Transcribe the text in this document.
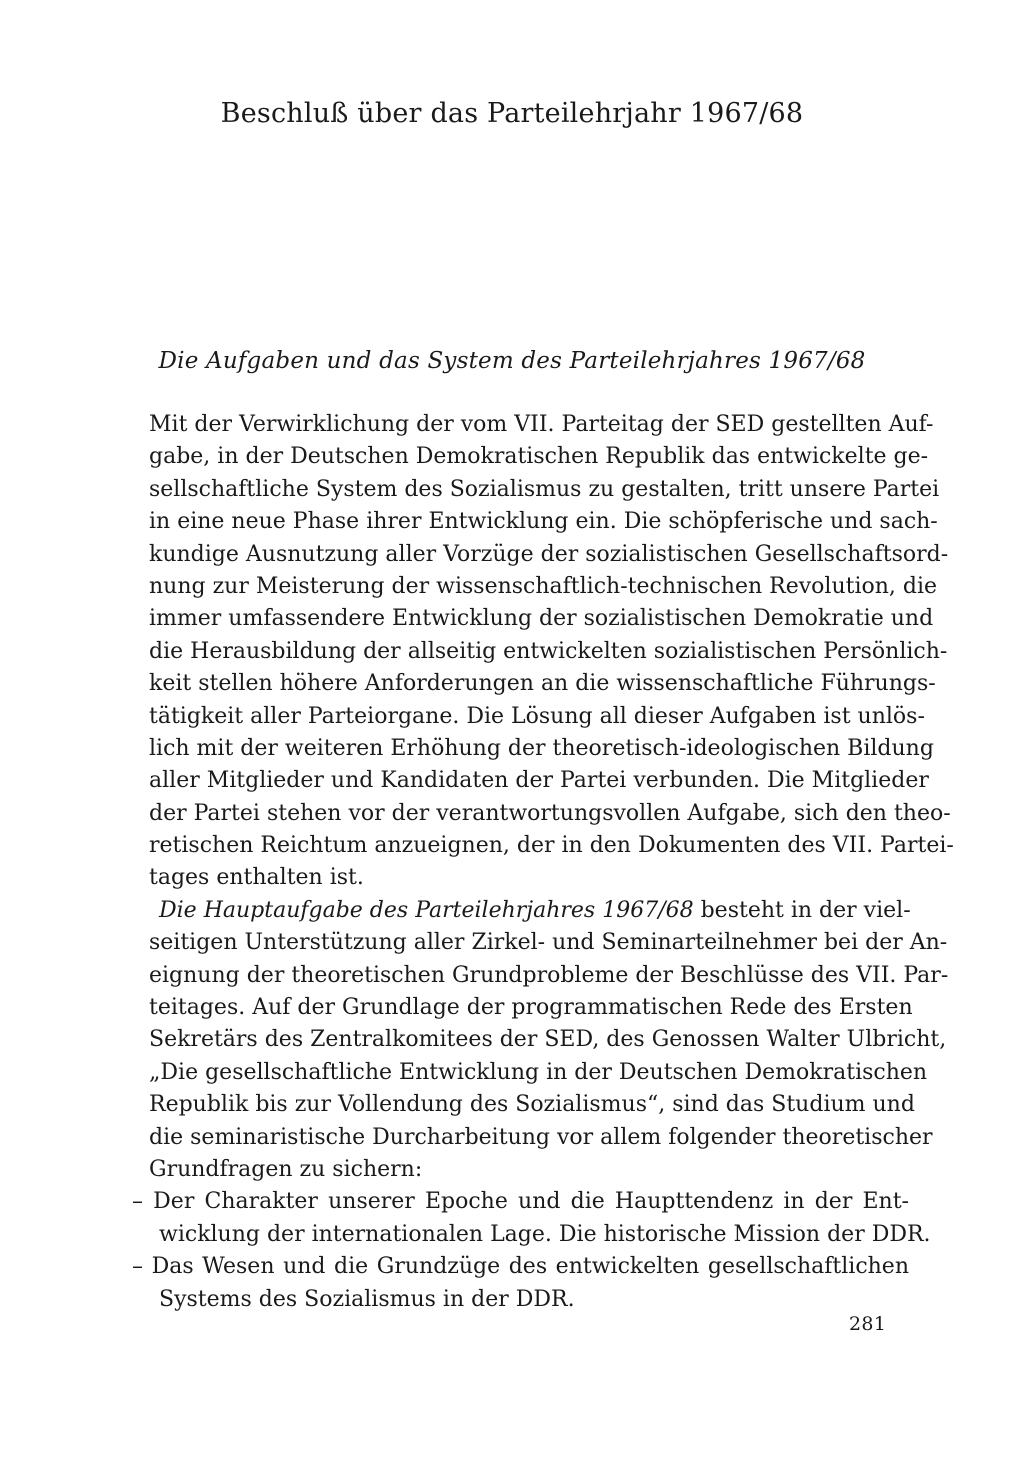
Beschluß über das Parteilehrjahr 1967/68
Die Aufgaben und das System des Parteilehrjahres 1967/68
Mit der Verwirklichung der vom VII. Parteitag der SED gestellten Auf-
gabe, in der Deutschen Demokratischen Republik das entwickelte ge-
sellschaftliche System des Sozialismus zu gestalten, tritt unsere Partei
in eine neue Phase ihrer Entwicklung ein. Die schöpferische und sach-
kundige Ausnutzung aller Vorzüge der sozialistischen Gesellschaftsord-
nung zur Meisterung der wissenschaftlich-technischen Revolution, die
immer umfassendere Entwicklung der sozialistischen Demokratie und
die Herausbildung der allseitig entwickelten sozialistischen Persönlich-
keit stellen höhere Anforderungen an die wissenschaftliche Führungs-
tätigkeit aller Parteiorgane. Die Lösung all dieser Aufgaben ist unlös-
lich mit der weiteren Erhöhung der theoretisch-ideologischen Bildung
aller Mitglieder und Kandidaten der Partei verbunden. Die Mitglieder
der Partei stehen vor der verantwortungsvollen Aufgabe, sich den theo-
retischen Reichtum anzueignen, der in den Dokumenten des VII. Partei-
tages enthalten ist.
Die Hauptaufgabe des Parteilehrjahres 1967/68 besteht in der viel-
seitigen Unterstützung aller Zirkel- und Seminarteilnehmer bei der An-
eignung der theoretischen Grundprobleme der Beschlüsse des VII. Par-
teitages. Auf der Grundlage der programmatischen Rede des Ersten
Sekretärs des Zentralkomitees der SED, des Genossen Walter Ulbricht,
„Die gesellschaftliche Entwicklung in der Deutschen Demokratischen
Republik bis zur Vollendung des Sozialismus“, sind das Studium und
die seminaristische Durcharbeitung vor allem folgender theoretischer
Grundfragen zu sichern:
– Der Charakter unserer Epoche und die Haupttendenz in der Ent-
wicklung der internationalen Lage. Die historische Mission der DDR.
– Das Wesen und die Grundzüge des entwickelten gesellschaftlichen
Systems des Sozialismus in der DDR.
281
